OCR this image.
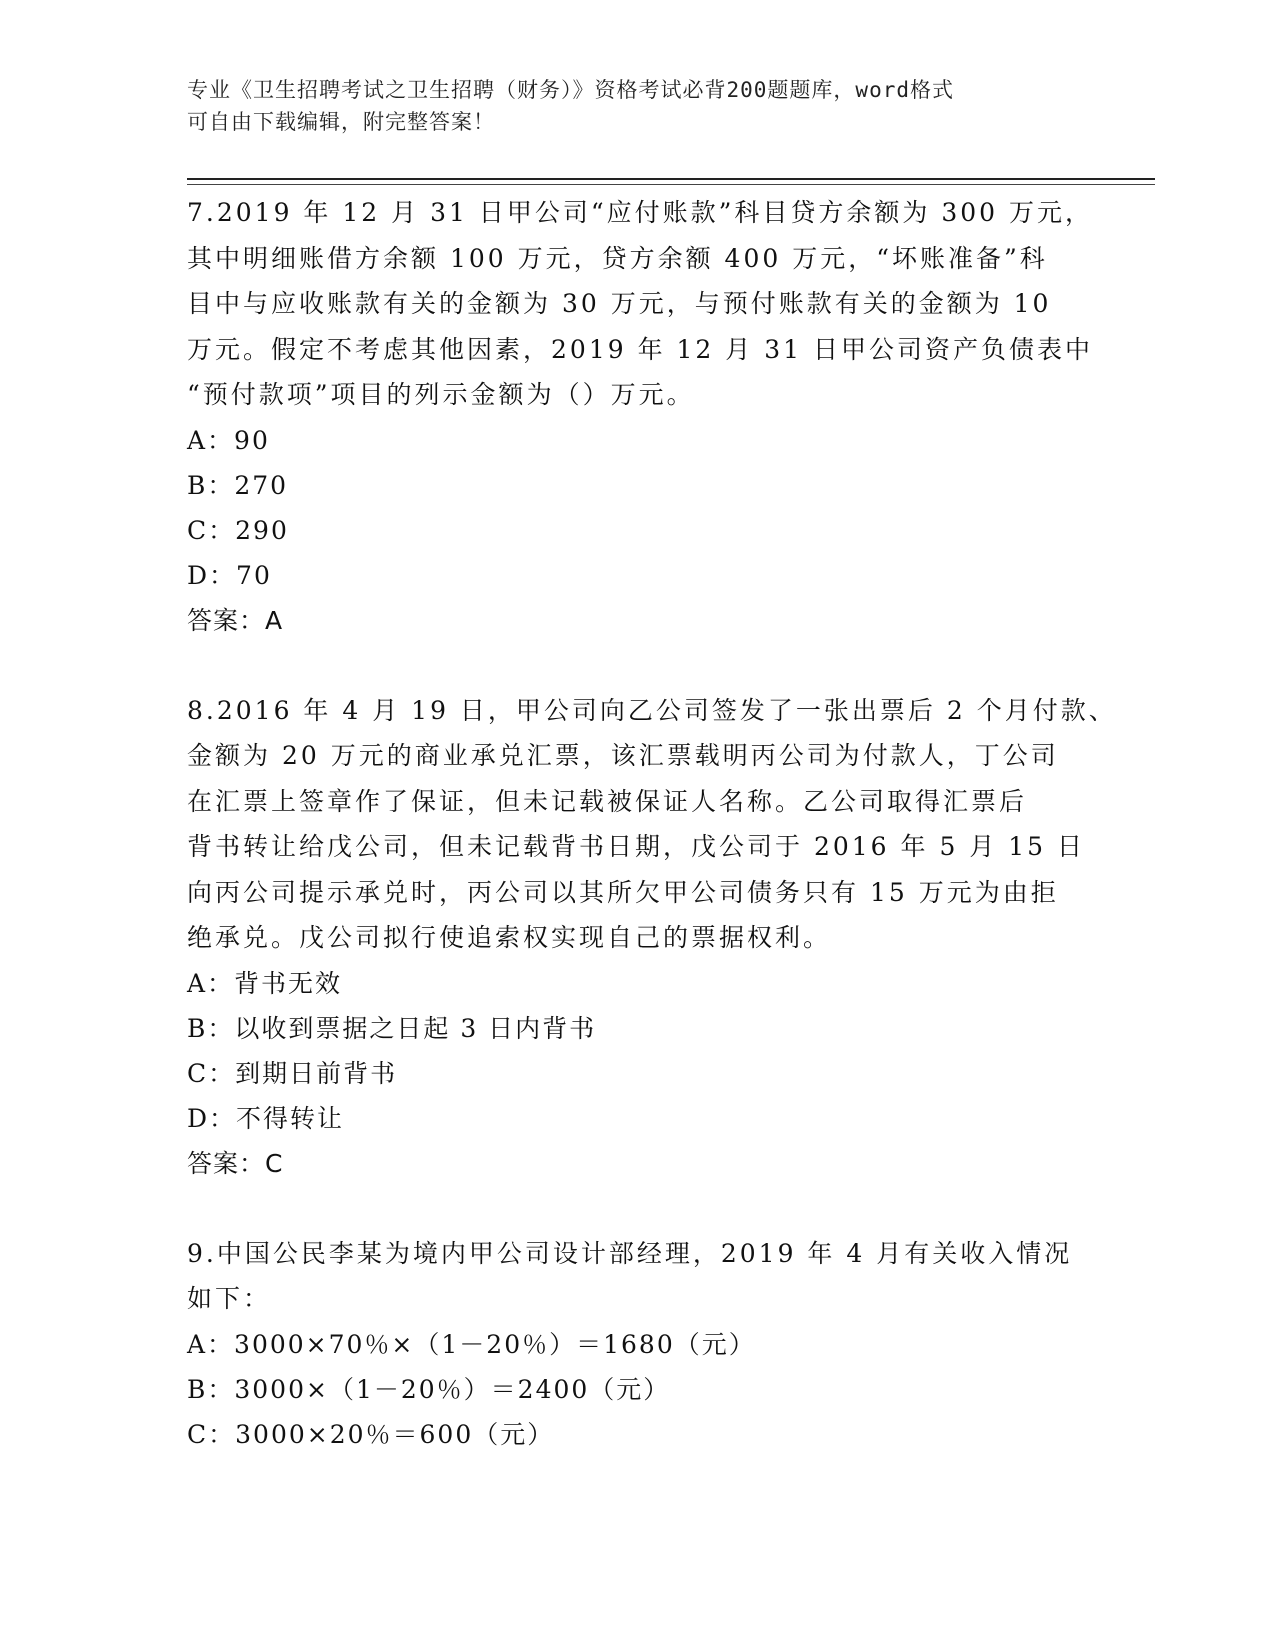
专业《卫生招聘考试之卫生招聘（财务）》资格考试必背200题题库，word格式
可自由下载编辑，附完整答案！
7.2019 年 12 月 31 日甲公司“应付账款”科目贷方余额为 300 万元，
其中明细账借方余额 100 万元，贷方余额 400 万元，“坏账准备”科
目中与应收账款有关的金额为 30 万元，与预付账款有关的金额为 10
万元。假定不考虑其他因素，2019 年 12 月 31 日甲公司资产负债表中
“预付款项”项目的列示金额为（）万元。
A：90
B：270
C：290
D：70
答案：A
8.2016 年 4 月 19 日，甲公司向乙公司签发了一张出票后 2 个月付款、
金额为 20 万元的商业承兑汇票，该汇票载明丙公司为付款人，丁公司
在汇票上签章作了保证，但未记载被保证人名称。乙公司取得汇票后
背书转让给戊公司，但未记载背书日期，戊公司于 2016 年 5 月 15 日
向丙公司提示承兑时，丙公司以其所欠甲公司债务只有 15 万元为由拒
绝承兑。戊公司拟行使追索权实现自己的票据权利。
A：背书无效
B：以收到票据之日起 3 日内背书
C：到期日前背书
D：不得转让
答案：C
9.中国公民李某为境内甲公司设计部经理，2019 年 4 月有关收入情况
如下：
A：3000×70％×（1－20％）＝1680（元）
B：3000×（1－20％）＝2400（元）
C：3000×20％＝600（元）
